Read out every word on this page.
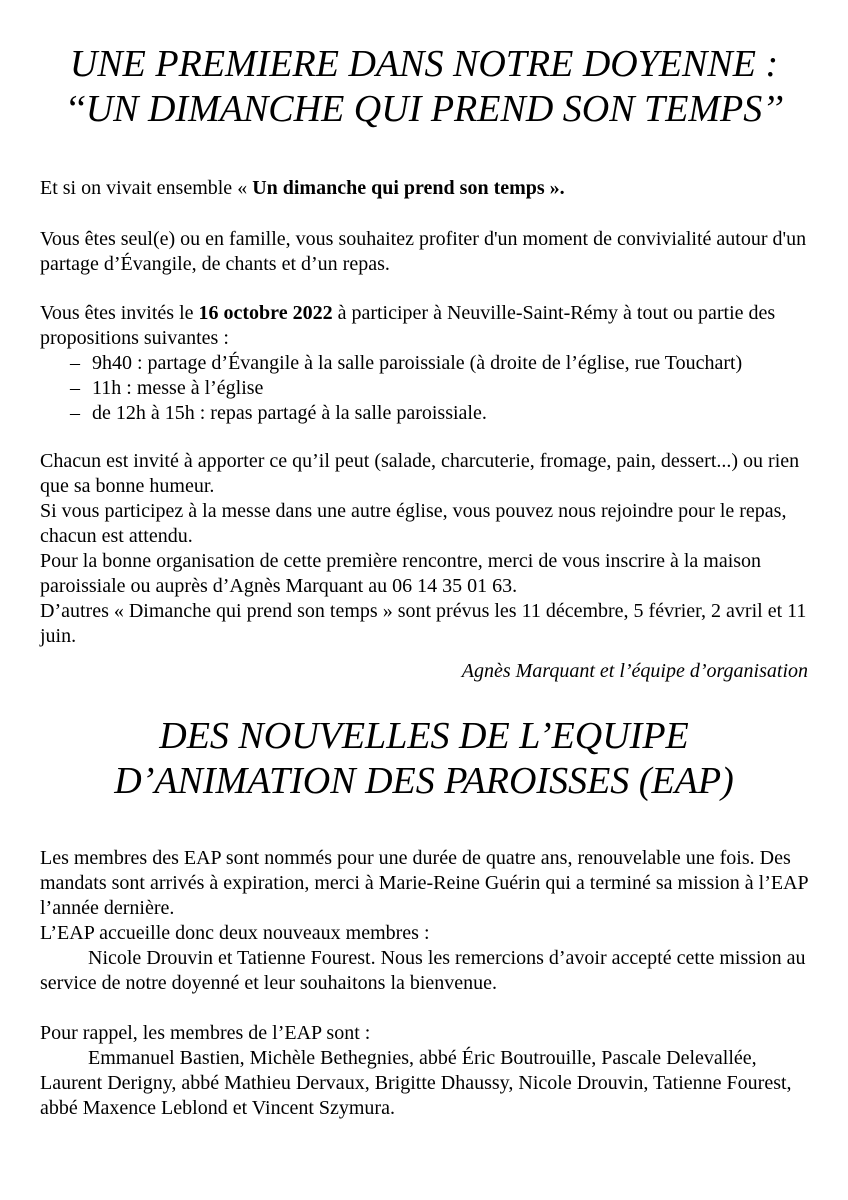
UNE PREMIERE DANS NOTRE DOYENNE :
‘‘UN DIMANCHE QUI PREND SON TEMPS’’

Et si on vivait ensemble « Un dimanche qui prend son temps ».

Vous êtes seul(e) ou en famille, vous souhaitez profiter d'un moment de convivialité autour d'un partage d’Évangile, de chants et d’un repas.

Vous êtes invités le 16 octobre 2022 à participer à Neuville-Saint-Rémy à tout ou partie des propositions suivantes :

– 9h40 : partage d’Évangile à la salle paroissiale (à droite de l’église, rue Touchart)
– 11h : messe à l’église
– de 12h à 15h : repas partagé à la salle paroissiale.
Chacun est invité à apporter ce qu’il peut (salade, charcuterie, fromage, pain, dessert...) ou rien que sa bonne humeur.
Si vous participez à la messe dans une autre église, vous pouvez nous rejoindre pour le repas, chacun est attendu.
Pour la bonne organisation de cette première rencontre, merci de vous inscrire à la maison paroissiale ou auprès d’Agnès Marquant au 06 14 35 01 63.
D’autres « Dimanche qui prend son temps » sont prévus les 11 décembre, 5 février, 2 avril et 11 juin.

Agnès Marquant et l’équipe d’organisation

DES NOUVELLES DE L’EQUIPE
D’ANIMATION DES PAROISSES (EAP)
Les membres des EAP sont nommés pour une durée de quatre ans, renouvelable une fois. Des mandats sont arrivés à expiration, merci à Marie-Reine Guérin qui a terminé sa mission à l’EAP l’année dernière.
L’EAP accueille donc deux nouveaux membres :
Nicole Drouvin et Tatienne Fourest. Nous les remercions d’avoir accepté cette mission au service de notre doyenné et leur souhaitons la bienvenue.
Pour rappel, les membres de l’EAP sont :
Emmanuel Bastien, Michèle Bethegnies, abbé Éric Boutrouille, Pascale Delevallée, Laurent Derigny, abbé Mathieu Dervaux, Brigitte Dhaussy, Nicole Drouvin, Tatienne Fourest, abbé Maxence Leblond et Vincent Szymura.
